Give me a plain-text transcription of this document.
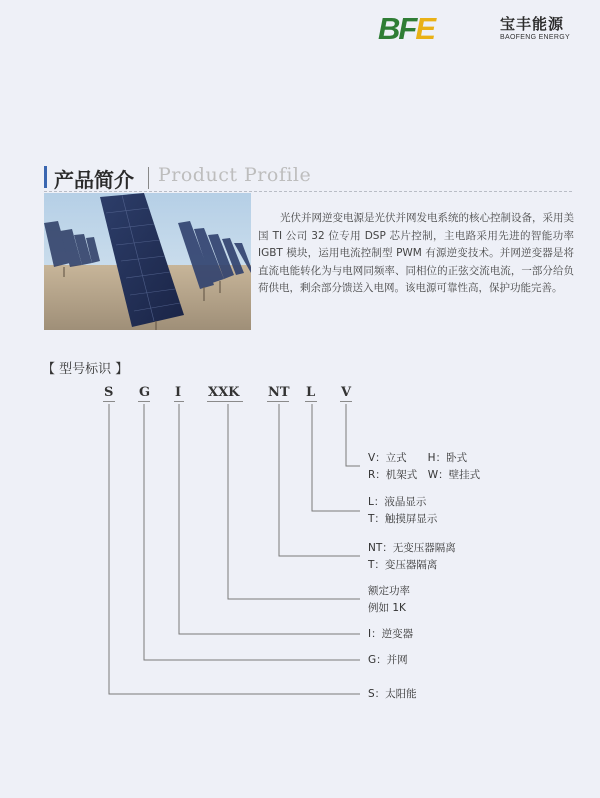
BFE	宝丰能源
BAOFENG ENERGY
产品简介 Product Profile

光伏并网逆变电源是光伏并网发电系统的核心控制设备，采用美国 TI 公司 32 位专用 DSP 芯片控制，主电路采用先进的智能功率 IGBT 模块，运用电流控制型 PWM 有源逆变技术。并网逆变器是将直流电能转化为与电网同频率、同相位的正弦交流电流，一部分给负荷供电，剩余部分馈送入电网。该电源可靠性高，保护功能完善。

【 型号标识 】
S G I XXK NT L V
V：立式　　H：卧式
R：机架式　W：壁挂式
L：液晶显示
T：触摸屏显示
NT：无变压器隔离
T：变压器隔离
额定功率
例如 1K
I：逆变器
G：并网
S：太阳能
